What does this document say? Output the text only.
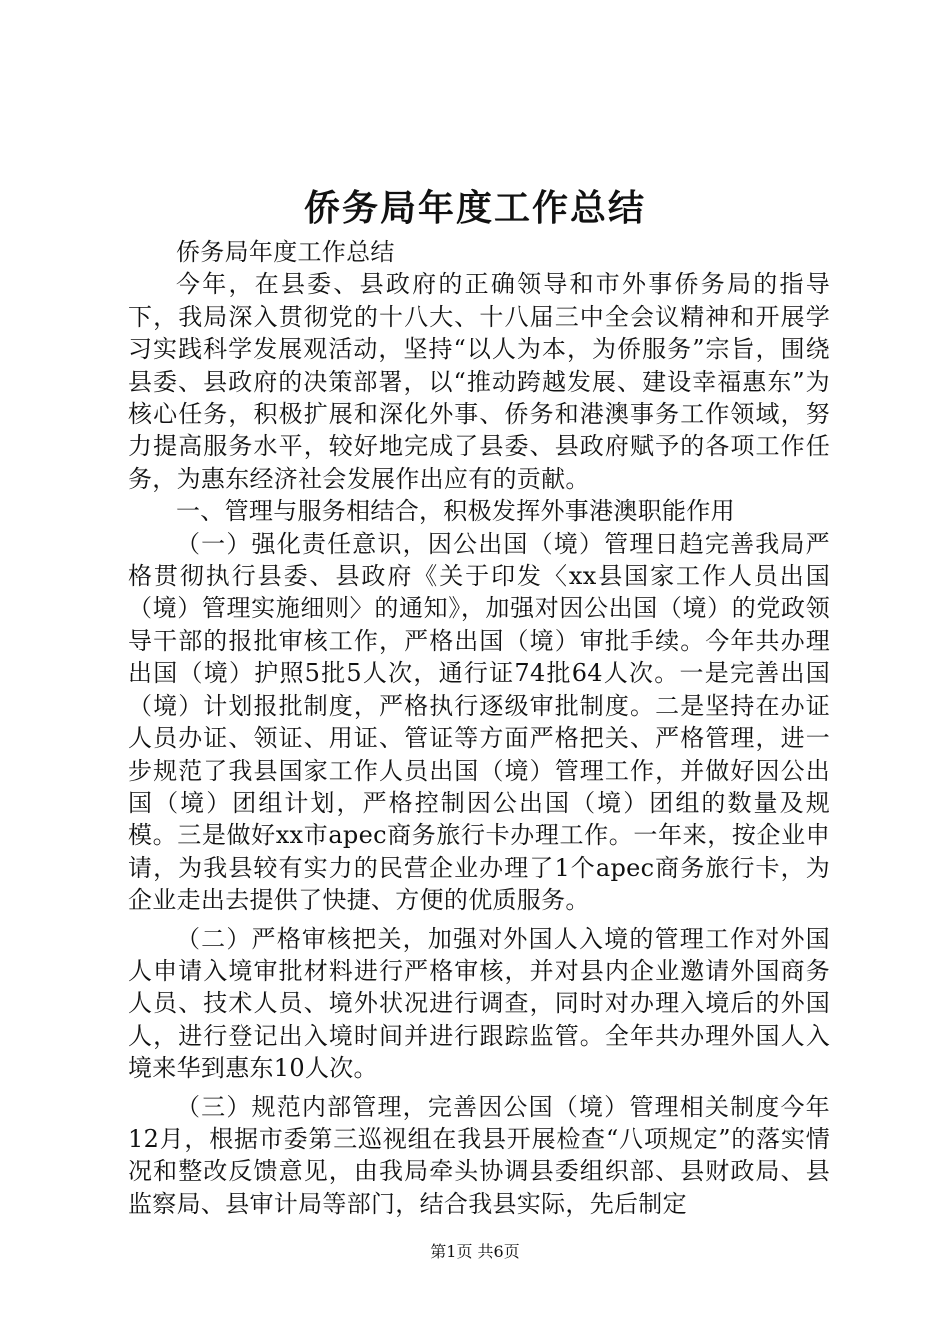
侨务局年度工作总结

侨务局年度工作总结

今年，在县委、县政府的正确领导和市外事侨务局的指导下，我局深入贯彻党的十八大、十八届三中全会议精神和开展学习实践科学发展观活动，坚持“以人为本，为侨服务”宗旨，围绕县委、县政府的决策部署，以“推动跨越发展、建设幸福惠东”为核心任务，积极扩展和深化外事、侨务和港澳事务工作领域，努力提高服务水平，较好地完成了县委、县政府赋予的各项工作任务，为惠东经济社会发展作出应有的贡献。

一、管理与服务相结合，积极发挥外事港澳职能作用

（一）强化责任意识，因公出国（境）管理日趋完善我局严格贯彻执行县委、县政府《关于印发〈xx县国家工作人员出国（境）管理实施细则〉的通知》，加强对因公出国（境）的党政领导干部的报批审核工作，严格出国（境）审批手续。今年共办理出国（境）护照5批5人次，通行证74批64人次。一是完善出国（境）计划报批制度，严格执行逐级审批制度。二是坚持在办证人员办证、领证、用证、管证等方面严格把关、严格管理，进一步规范了我县国家工作人员出国（境）管理工作，并做好因公出国（境）团组计划，严格控制因公出国（境）团组的数量及规模。三是做好xx市apec商务旅行卡办理工作。一年来，按企业申请，为我县较有实力的民营企业办理了1个apec商务旅行卡，为企业走出去提供了快捷、方便的优质服务。

（二）严格审核把关，加强对外国人入境的管理工作对外国人申请入境审批材料进行严格审核，并对县内企业邀请外国商务人员、技术人员、境外状况进行调查，同时对办理入境后的外国人，进行登记出入境时间并进行跟踪监管。全年共办理外国人入境来华到惠东10人次。

（三）规范内部管理，完善因公国（境）管理相关制度今年12月，根据市委第三巡视组在我县开展检查“八项规定”的落实情况和整改反馈意见，由我局牵头协调县委组织部、县财政局、县监察局、县审计局等部门，结合我县实际，先后制定

第1页 共6页
